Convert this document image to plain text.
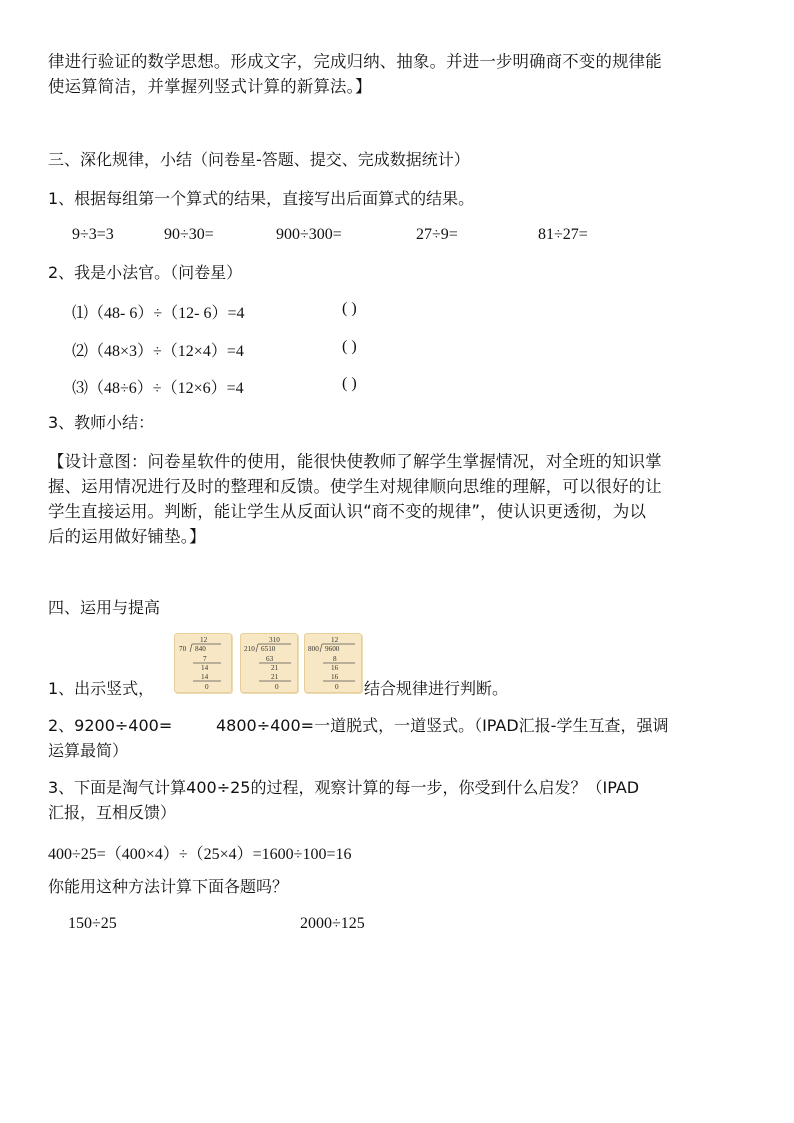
律进行验证的数学思想。形成文字，完成归纳、抽象。并进一步明确商不变的规律能
使运算简洁，并掌握列竖式计算的新算法。】
三、深化规律，小结（问卷星-答题、提交、完成数据统计）
1、根据每组第一个算式的结果，直接写出后面算式的结果。
9÷3=3	90÷30=	900÷300=	27÷9=	81÷27=
2、我是小法官。（问卷星）
⑴（48- 6）÷（12- 6）=4	( )
⑵（48×3）÷（12×4）=4	( )
⑶（48÷6）÷（12×6）=4	( )
3、教师小结：
【设计意图：问卷星软件的使用，能很快使教师了解学生掌握情况，对全班的知识掌
握、运用情况进行及时的整理和反馈。使学生对规律顺向思维的理解，可以很好的让
学生直接运用。判断，能让学生从反面认识“商不变的规律”，使认识更透彻，为以
后的运用做好铺垫。】
四、运用与提高
1、出示竖式，	结合规律进行判断。
12
70 840
7
14
14
0
310
210 6510
63
21
21
0
12
800 9600
8
16
16
0
2、9200÷400=	4800÷400=一道脱式，一道竖式。（IPAD汇报-学生互查，强调
运算最简）
3、下面是淘气计算400÷25的过程，观察计算的每一步，你受到什么启发？（IPAD
汇报，互相反馈）
400÷25=（400×4）÷（25×4）=1600÷100=16
你能用这种方法计算下面各题吗？
150÷25	2000÷125
